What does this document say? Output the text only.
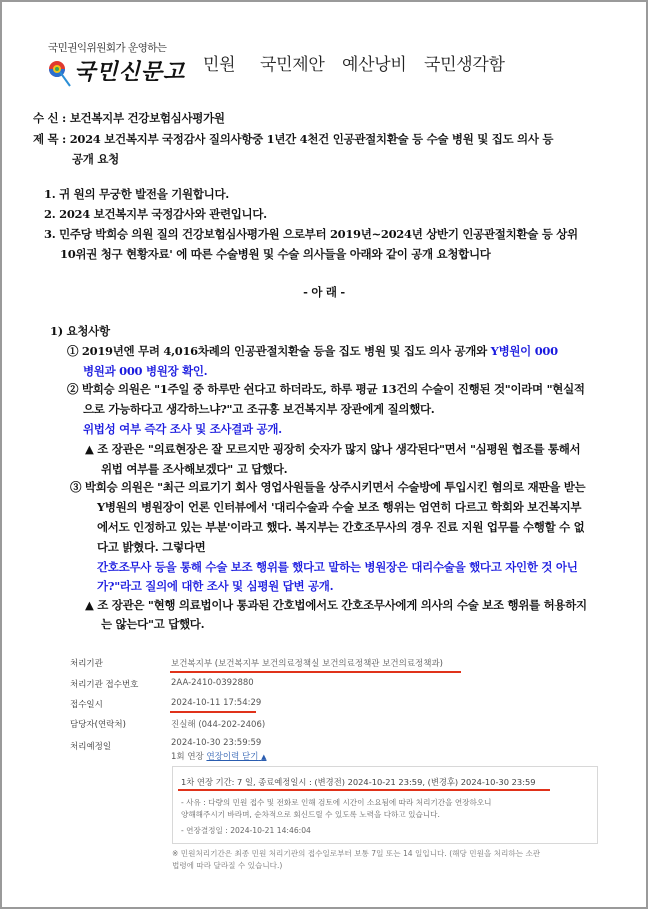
국민권익위원회가 운영하는
국민신문고 민원 국민제안 예산낭비 국민생각함
수 신 : 보건복지부 건강보험심사평가원
제 목 : 2024 보건복지부 국정감사 질의사항중 1년간 4천건 인공관절치환술 등 수술 병원 및 집도 의사 등
공개 요청
1. 귀 원의 무궁한 발전을 기원합니다.
2. 2024 보건복지부 국정감사와 관련입니다.
3. 민주당 박희승 의원 질의 건강보험심사평가원 으로부터 2019년~2024년 상반기 인공관절치환술 등 상위
10위권 청구 현황자료' 에 따른 수술병원 및 수술 의사들을 아래와 같이 공개 요청합니다
- 아 래 -
1) 요청사항
① 2019년엔 무려 4,016차례의 인공관절치환술 등을 집도 병원 및 집도 의사 공개와 Y병원이 000
병원과 000 병원장 확인.
② 박희승 의원은 "1주일 중 하루만 쉰다고 하더라도, 하루 평균 13건의 수술이 진행된 것"이라며 "현실적
으로 가능하다고 생각하느냐?"고 조규홍 보건복지부 장관에게 질의했다.
위법성 여부 즉각 조사 및 조사결과 공개.
▲ 조 장관은 "의료현장은 잘 모르지만 굉장히 숫자가 많지 않나 생각된다"면서 "심평원 협조를 통해서
위법 여부를 조사해보겠다" 고 답했다.
③ 박희승 의원은 "최근 의료기기 회사 영업사원들을 상주시키면서 수술방에 투입시킨 혐의로 재판을 받는
Y병원의 병원장이 언론 인터뷰에서 '대리수술과 수술 보조 행위는 엄연히 다르고 학회와 보건복지부
에서도 인정하고 있는 부분'이라고 했다. 복지부는 간호조무사의 경우 진료 지원 업무를 수행할 수 없
다고 밝혔다. 그렇다면
간호조무사 등을 통해 수술 보조 행위를 했다고 말하는 병원장은 대리수술을 했다고 자인한 것 아닌
가?"라고 질의에 대한 조사 및 심평원 답변 공개.
▲ 조 장관은 "현행 의료법이나 통과된 간호법에서도 간호조무사에게 의사의 수술 보조 행위를 허용하지
는 않는다"고 답했다.
처리기관	보건복지부 (보건복지부 보건의료정책실 보건의료정책관 보건의료정책과)
처리기관 접수번호	2AA-2410-0392880
접수일시	2024-10-11 17:54:29
담당자(연락처)	진실해 (044-202-2406)
처리예정일	2024-10-30 23:59:59
1회 연장 연장이력 닫기 ▲
1차 연장 기간: 7 일, 종료예정일시 : (변경전) 2024-10-21 23:59, (변경후) 2024-10-30 23:59
- 사유 : 다량의 민원 접수 및 전화로 인해 검토에 시간이 소요됨에 따라 처리기간을 연장하오니
양해해주시기 바라며, 순차적으로 회신드릴 수 있도록 노력을 다하고 있습니다.
- 연장결정일 : 2024-10-21 14:46:04
※ 민원처리기간은 최종 민원 처리기관의 접수일로부터 보통 7일 또는 14 일입니다. (해당 민원을 처리하는 소관
법령에 따라 달라질 수 있습니다.)
